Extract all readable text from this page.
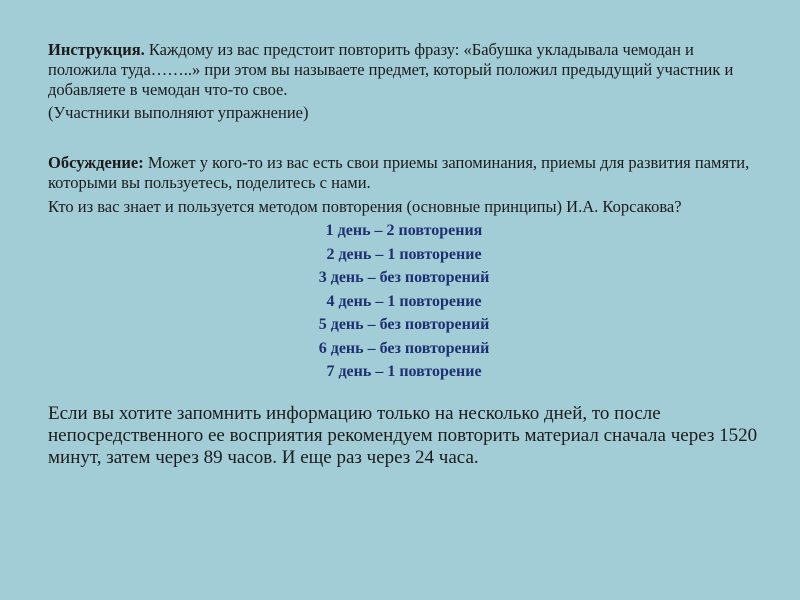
Инструкция. Каждому из вас предстоит повторить фразу: «Бабушка укладывала чемодан и положила туда……..» при этом вы называете предмет, который положил предыдущий участник и добавляете в чемодан что-то свое.

(Участники выполняют упражнение)

Обсуждение: Может у кого-то из вас есть свои приемы запоминания, приемы для развития памяти, которыми вы пользуетесь, поделитесь с нами.

Кто из вас знает и пользуется методом повторения (основные принципы) И.А. Корсакова?

1 день – 2 повторения
2 день – 1 повторение
3 день – без повторений
4 день – 1 повторение
5 день – без повторений
6 день – без повторений
7 день – 1 повторение

Если вы хотите запомнить информацию только на несколько дней, то после непосредственного ее восприятия рекомендуем повторить материал сначала через 1520 минут, затем через 89 часов. И еще раз через 24 часа.
